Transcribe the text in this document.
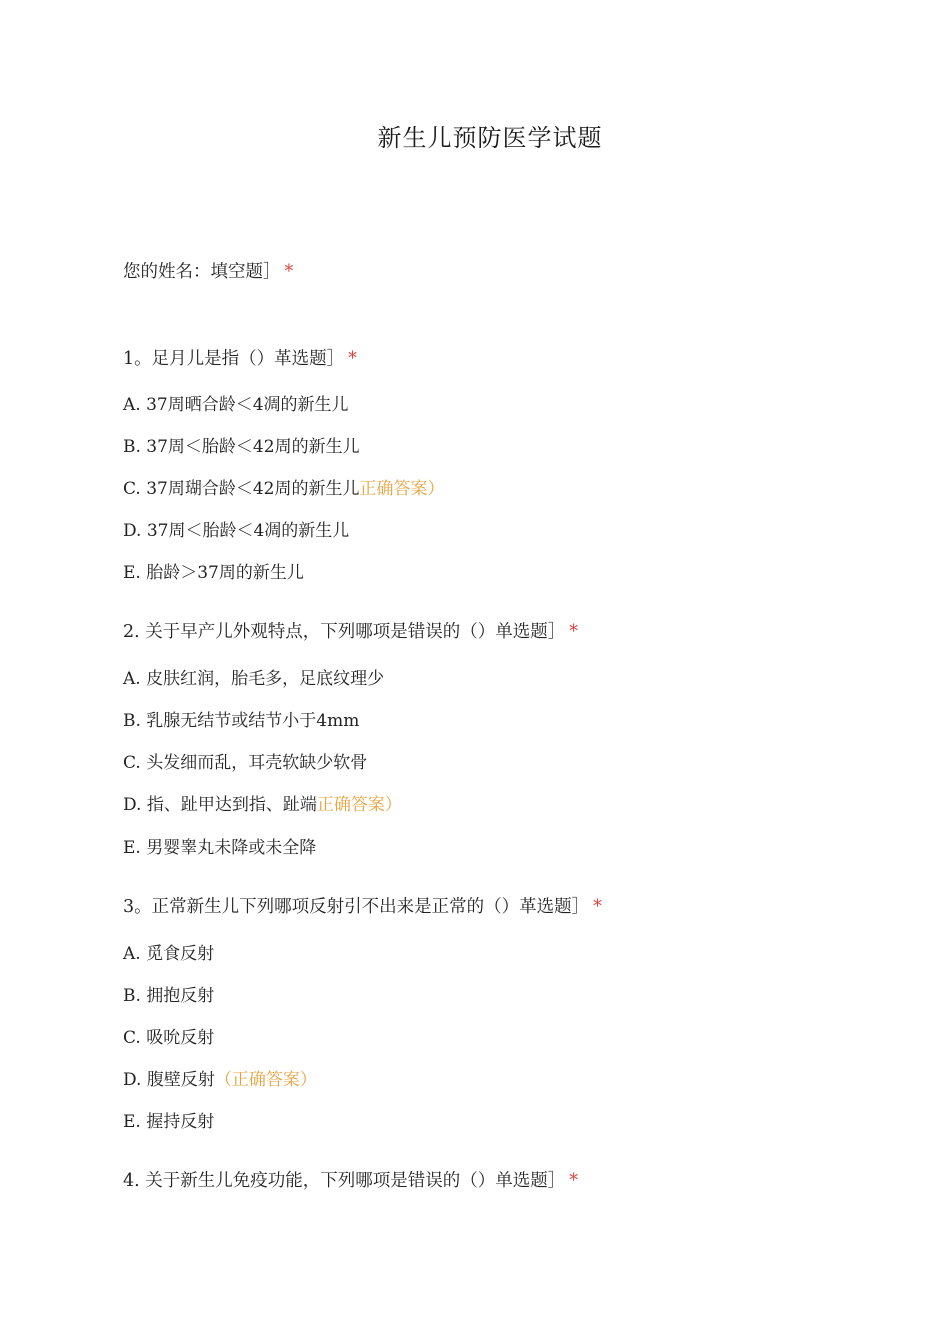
新生儿预防医学试题
您的姓名：填空题］ *
1。足月儿是指（）革选题］ *
A. 37周晒合龄＜4凋的新生儿
B. 37周＜胎龄＜42周的新生儿
C. 37周瑚合龄＜42周的新生儿正确答案）
D. 37周＜胎龄＜4凋的新生儿
E. 胎龄＞37周的新生儿
2. 关于早产儿外观特点，下列哪项是错误的（）单选题］ *
A. 皮肤红润，胎毛多，足底纹理少
B. 乳腺无结节或结节小于4mm
C. 头发细而乱，耳壳软缺少软骨
D. 指、趾甲达到指、趾端正确答案）
E. 男婴睾丸未降或未全降
3。正常新生儿下列哪项反射引不出来是正常的（）革选题］ *
A. 觅食反射
B. 拥抱反射
C. 吸吮反射
D. 腹壁反射（正确答案）
E. 握持反射
4. 关于新生儿免疫功能，下列哪项是错误的（）单选题］ *
